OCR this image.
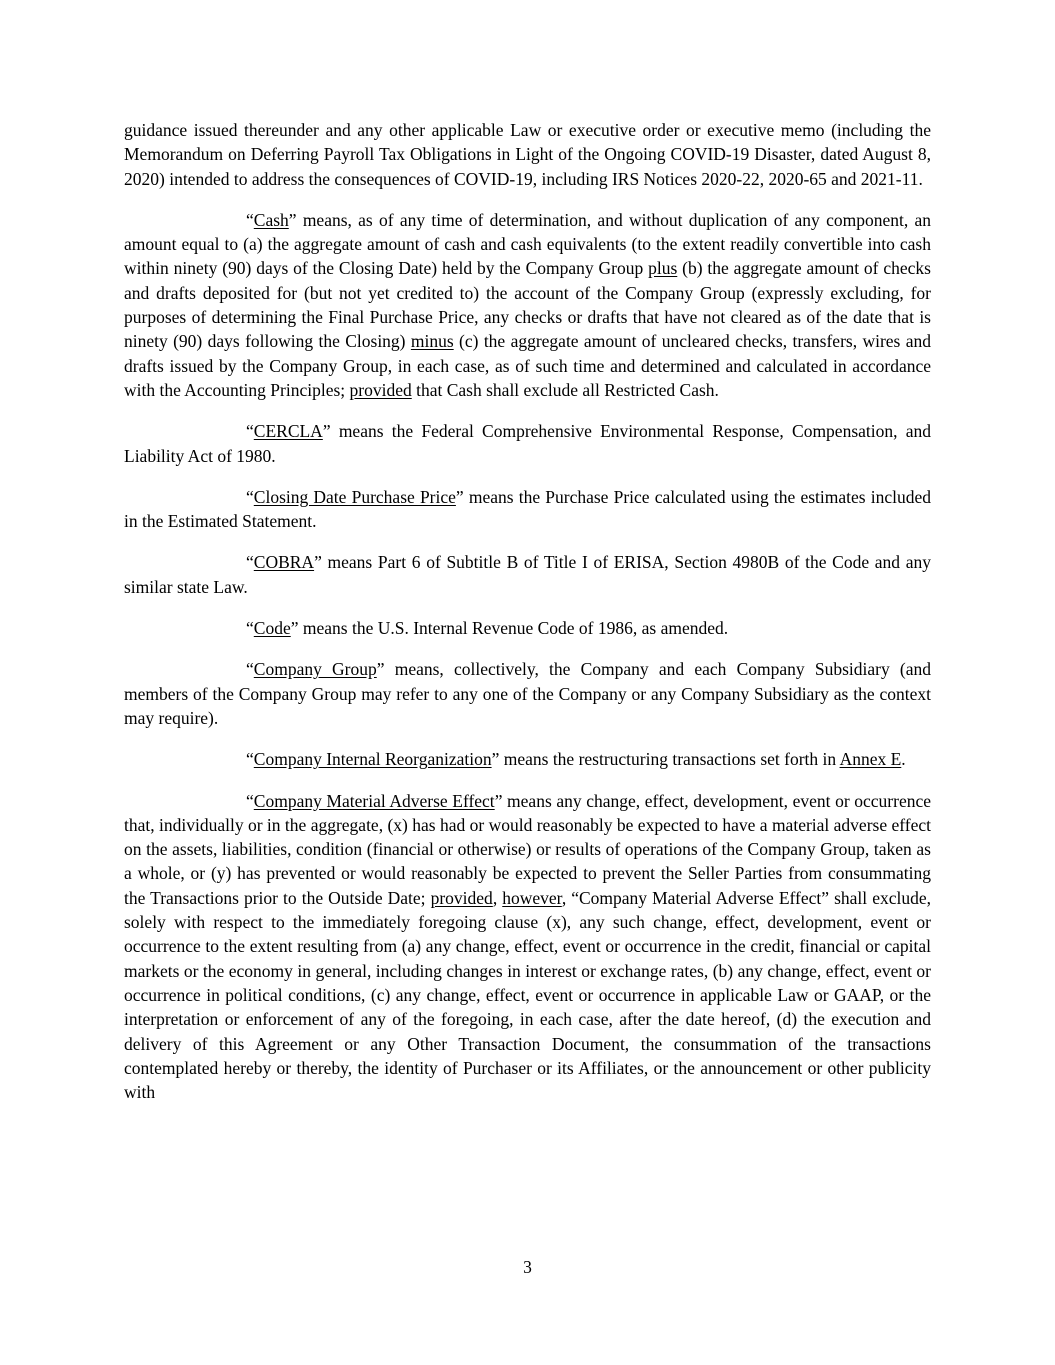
guidance issued thereunder and any other applicable Law or executive order or executive memo (including the Memorandum on Deferring Payroll Tax Obligations in Light of the Ongoing COVID-19 Disaster, dated August 8, 2020) intended to address the consequences of COVID-19, including IRS Notices 2020-22, 2020-65 and 2021-11.

“Cash” means, as of any time of determination, and without duplication of any component, an amount equal to (a) the aggregate amount of cash and cash equivalents (to the extent readily convertible into cash within ninety (90) days of the Closing Date) held by the Company Group plus (b) the aggregate amount of checks and drafts deposited for (but not yet credited to) the account of the Company Group (expressly excluding, for purposes of determining the Final Purchase Price, any checks or drafts that have not cleared as of the date that is ninety (90) days following the Closing) minus (c) the aggregate amount of uncleared checks, transfers, wires and drafts issued by the Company Group, in each case, as of such time and determined and calculated in accordance with the Accounting Principles; provided that Cash shall exclude all Restricted Cash.

“CERCLA” means the Federal Comprehensive Environmental Response, Compensation, and Liability Act of 1980.

“Closing Date Purchase Price” means the Purchase Price calculated using the estimates included in the Estimated Statement.

“COBRA” means Part 6 of Subtitle B of Title I of ERISA, Section 4980B of the Code and any similar state Law.

“Code” means the U.S. Internal Revenue Code of 1986, as amended.

“Company Group” means, collectively, the Company and each Company Subsidiary (and members of the Company Group may refer to any one of the Company or any Company Subsidiary as the context may require).

“Company Internal Reorganization” means the restructuring transactions set forth in Annex E.

“Company Material Adverse Effect” means any change, effect, development, event or occurrence that, individually or in the aggregate, (x) has had or would reasonably be expected to have a material adverse effect on the assets, liabilities, condition (financial or otherwise) or results of operations of the Company Group, taken as a whole, or (y) has prevented or would reasonably be expected to prevent the Seller Parties from consummating the Transactions prior to the Outside Date; provided, however, “Company Material Adverse Effect” shall exclude, solely with respect to the immediately foregoing clause (x), any such change, effect, development, event or occurrence to the extent resulting from (a) any change, effect, event or occurrence in the credit, financial or capital markets or the economy in general, including changes in interest or exchange rates, (b) any change, effect, event or occurrence in political conditions, (c) any change, effect, event or occurrence in applicable Law or GAAP, or the interpretation or enforcement of any of the foregoing, in each case, after the date hereof, (d) the execution and delivery of this Agreement or any Other Transaction Document, the consummation of the transactions contemplated hereby or thereby, the identity of Purchaser or its Affiliates, or the announcement or other publicity with

3
